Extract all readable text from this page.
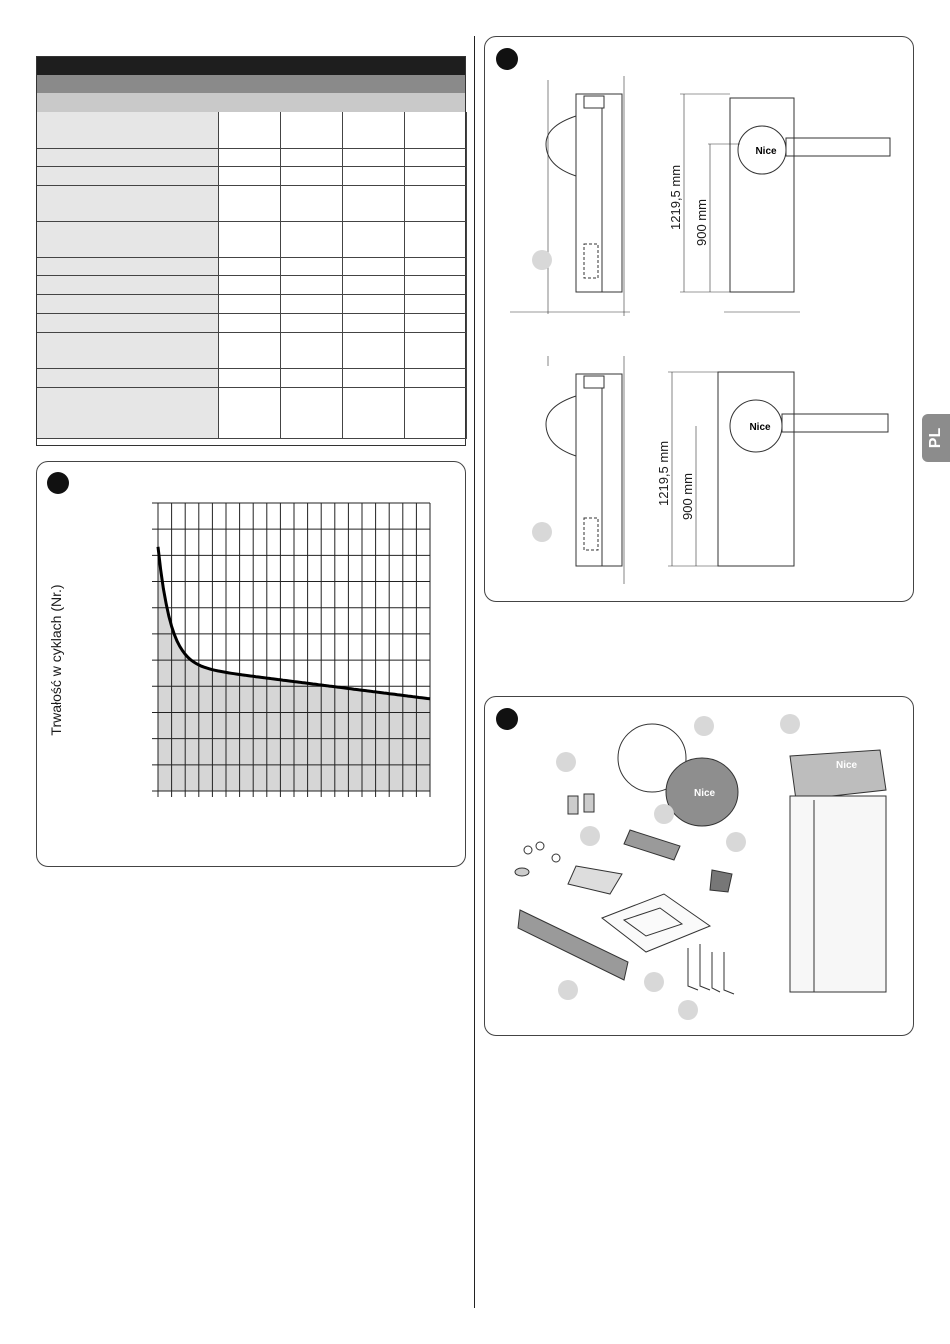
Trwałość w cyklach (Nr.)
Nice
Nice
1219,5 mm 900 mm
1219,5 mm 900 mm
Nice
Nice
PL
